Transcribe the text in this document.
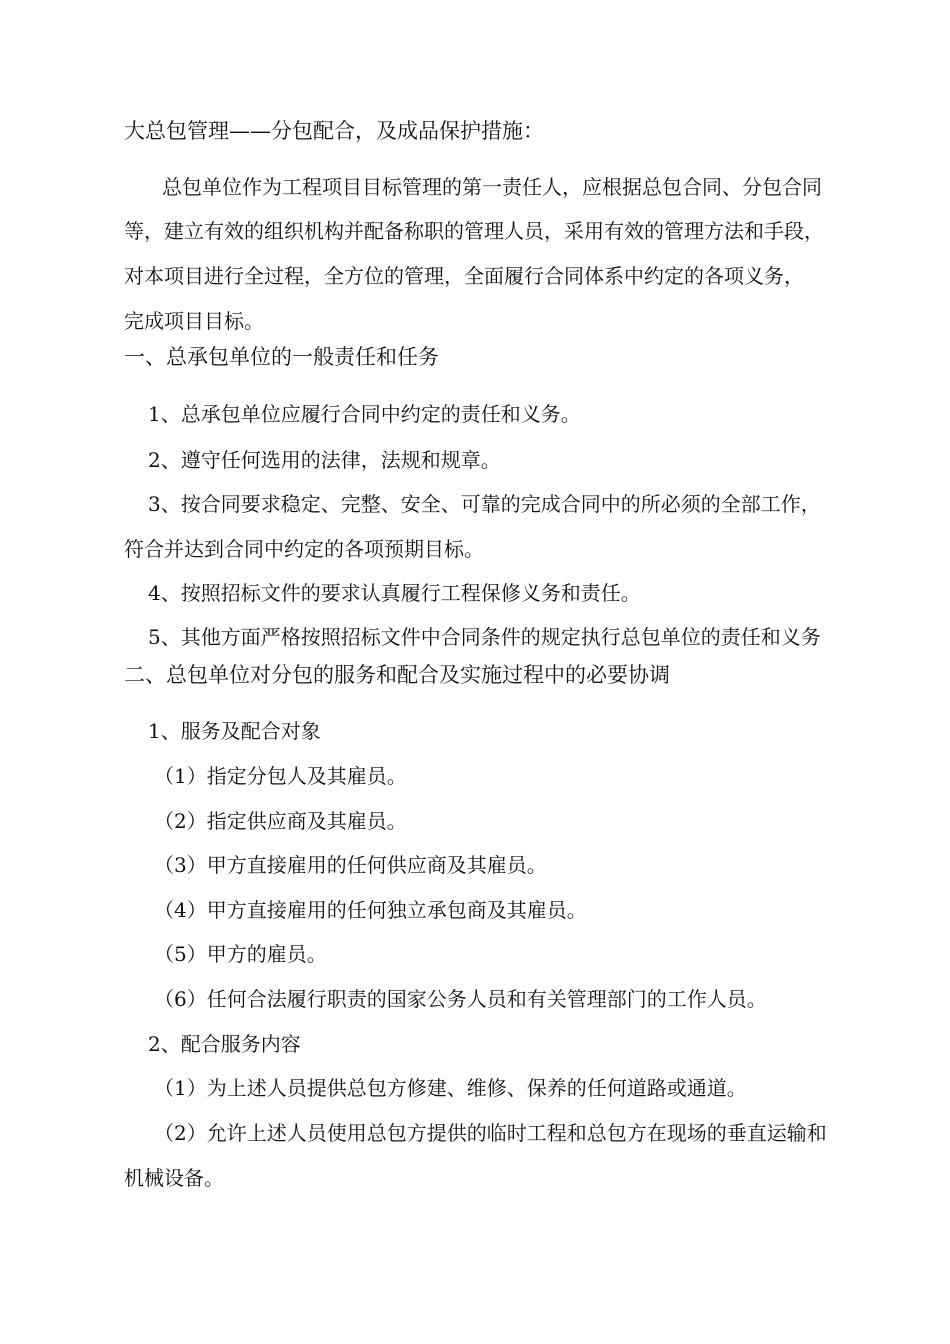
大总包管理——分包配合，及成品保护措施：
总包单位作为工程项目目标管理的第一责任人，应根据总包合同、分包合同
等，建立有效的组织机构并配备称职的管理人员，采用有效的管理方法和手段，
对本项目进行全过程，全方位的管理，全面履行合同体系中约定的各项义务，
完成项目目标。
一、总承包单位的一般责任和任务
1、总承包单位应履行合同中约定的责任和义务。
2、遵守任何选用的法律，法规和规章。
3、按合同要求稳定、完整、安全、可靠的完成合同中的所必须的全部工作，
符合并达到合同中约定的各项预期目标。
4、按照招标文件的要求认真履行工程保修义务和责任。
5、其他方面严格按照招标文件中合同条件的规定执行总包单位的责任和义务
二、总包单位对分包的服务和配合及实施过程中的必要协调
1、服务及配合对象
（1）指定分包人及其雇员。
（2）指定供应商及其雇员。
（3）甲方直接雇用的任何供应商及其雇员。
（4）甲方直接雇用的任何独立承包商及其雇员。
（5）甲方的雇员。
（6）任何合法履行职责的国家公务人员和有关管理部门的工作人员。
2、配合服务内容
（1）为上述人员提供总包方修建、维修、保养的任何道路或通道。
（2）允许上述人员使用总包方提供的临时工程和总包方在现场的垂直运输和
机械设备。
